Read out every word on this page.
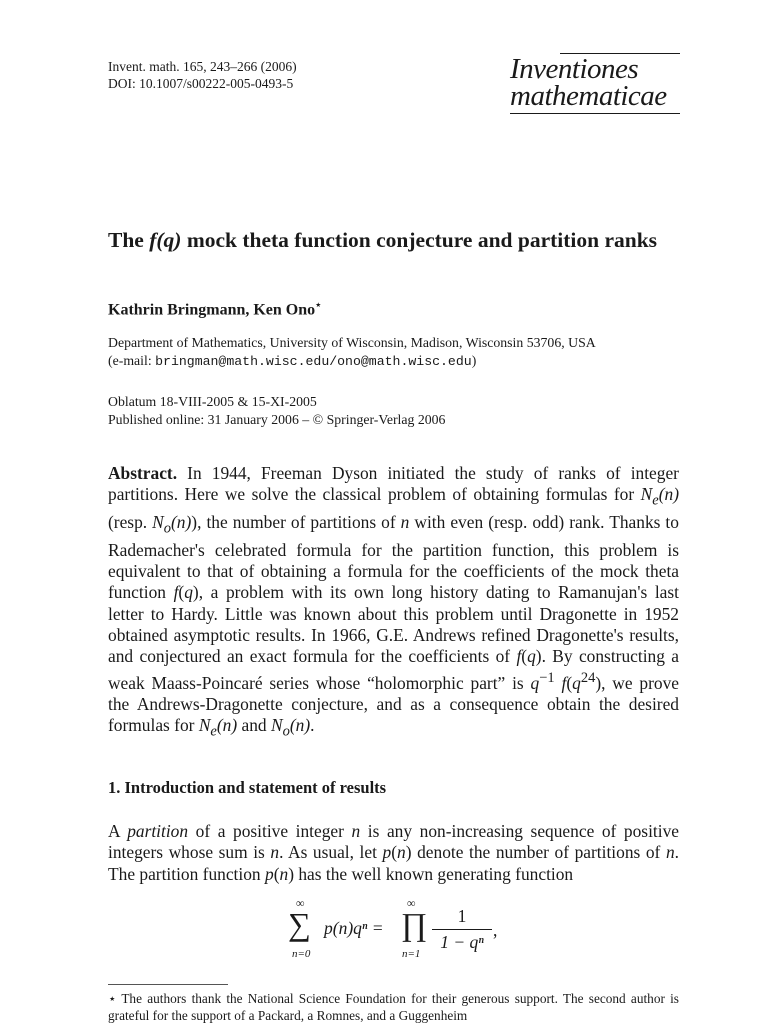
Invent. math. 165, 243–266 (2006)
DOI: 10.1007/s00222-005-0493-5	Inventiones
mathematicae
The f(q) mock theta function conjecture and partition ranks
Kathrin Bringmann, Ken Ono⋆
Department of Mathematics, University of Wisconsin, Madison, Wisconsin 53706, USA
(e-mail: bringman@math.wisc.edu/ono@math.wisc.edu)
Oblatum 18-VIII-2005 & 15-XI-2005
Published online: 31 January 2006 – © Springer-Verlag 2006
Abstract. In 1944, Freeman Dyson initiated the study of ranks of integer partitions. Here we solve the classical problem of obtaining formulas for $N_e(n)$ (resp. $N_o(n)$), the number of partitions of n with even (resp. odd) rank. Thanks to Rademacher's celebrated formula for the partition function, this problem is equivalent to that of obtaining a formula for the coefficients of the mock theta function f(q), a problem with its own long history dating to Ramanujan's last letter to Hardy. Little was known about this problem until Dragonette in 1952 obtained asymptotic results. In 1966, G.E. Andrews refined Dragonette's results, and conjectured an exact formula for the coefficients of f(q). By constructing a weak Maass-Poincaré series whose “holomorphic part” is $q^{-1}$ $f(q^{24})$, we prove the Andrews-Dragonette conjecture, and as a consequence obtain the desired formulas for $N_e(n)$ and $N_o(n)$.
1. Introduction and statement of results
A partition of a positive integer n is any non-increasing sequence of positive integers whose sum is n. As usual, let p(n) denote the number of partitions of n. The partition function p(n) has the well known generating function
∞
∑
n=0
p(n)qⁿ =
∞
∏
n=1
1
1 − qⁿ
,
⋆ The authors thank the National Science Foundation for their generous support. The second author is grateful for the support of a Packard, a Romnes, and a Guggenheim
